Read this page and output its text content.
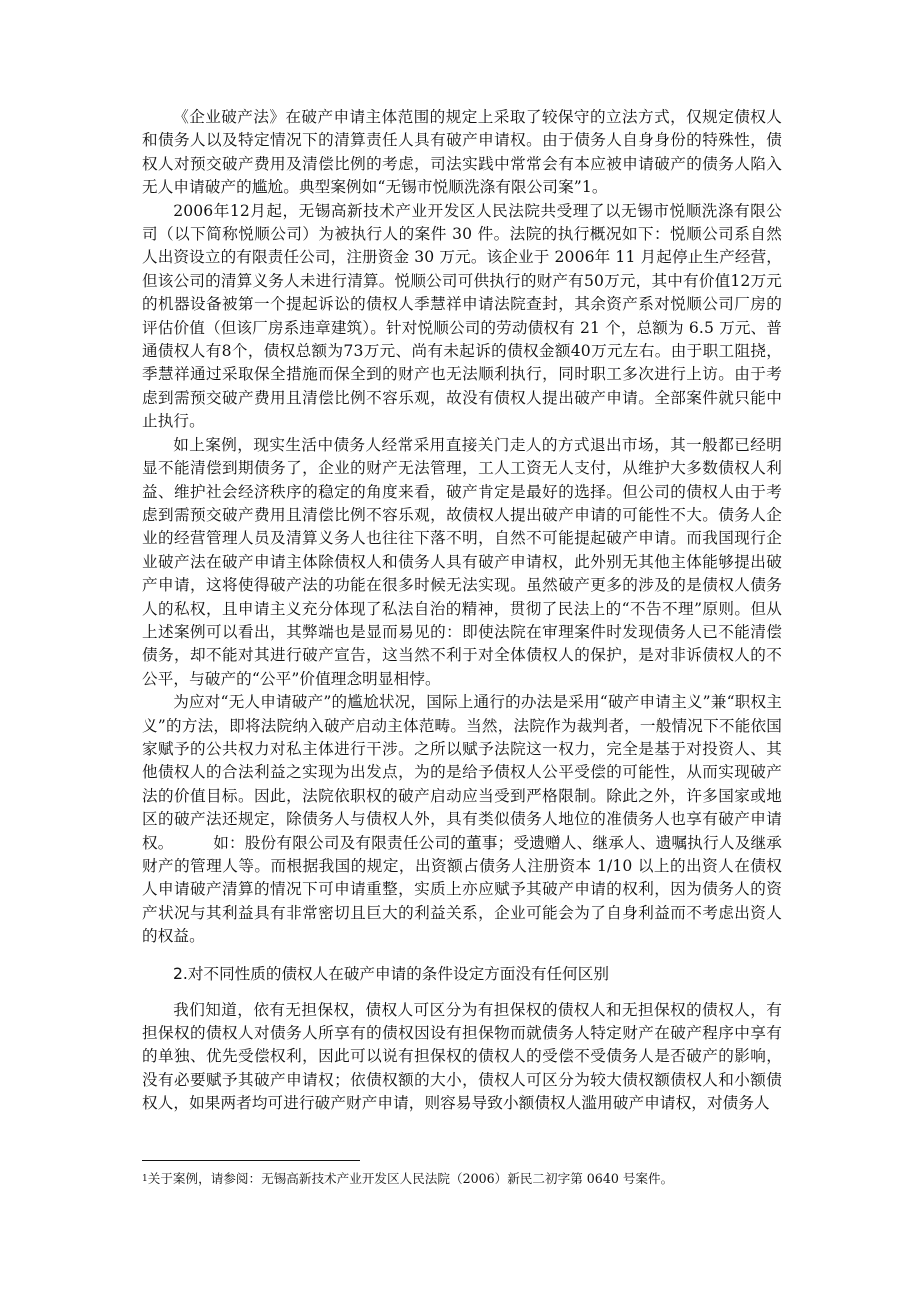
《企业破产法》在破产申请主体范围的规定上采取了较保守的立法方式，仅规定债权人和债务人以及特定情况下的清算责任人具有破产申请权。由于债务人自身身份的特殊性，债权人对预交破产费用及清偿比例的考虑，司法实践中常常会有本应被申请破产的债务人陷入无人申请破产的尴尬。典型案例如“无锡市悦顺洗涤有限公司案”1。

2006年12月起，无锡高新技术产业开发区人民法院共受理了以无锡市悦顺洗涤有限公司（以下简称悦顺公司）为被执行人的案件 30 件。法院的执行概况如下：悦顺公司系自然人出资设立的有限责任公司，注册资金 30 万元。该企业于 2006年 11 月起停止生产经营，但该公司的清算义务人未进行清算。悦顺公司可供执行的财产有50万元，其中有价值12万元的机器设备被第一个提起诉讼的债权人季慧祥申请法院查封，其余资产系对悦顺公司厂房的评估价值（但该厂房系违章建筑）。针对悦顺公司的劳动债权有 21 个，总额为 6.5 万元、普通债权人有8个，债权总额为73万元、尚有未起诉的债权金额40万元左右。由于职工阻挠，季慧祥通过采取保全措施而保全到的财产也无法顺利执行，同时职工多次进行上访。由于考虑到需预交破产费用且清偿比例不容乐观，故没有债权人提出破产申请。全部案件就只能中止执行。

如上案例，现实生活中债务人经常采用直接关门走人的方式退出市场，其一般都已经明显不能清偿到期债务了，企业的财产无法管理，工人工资无人支付，从维护大多数债权人利益、维护社会经济秩序的稳定的角度来看，破产肯定是最好的选择。但公司的债权人由于考虑到需预交破产费用且清偿比例不容乐观，故债权人提出破产申请的可能性不大。债务人企业的经营管理人员及清算义务人也往往下落不明，自然不可能提起破产申请。而我国现行企业破产法在破产申请主体除债权人和债务人具有破产申请权，此外别无其他主体能够提出破产申请，这将使得破产法的功能在很多时候无法实现。虽然破产更多的涉及的是债权人债务人的私权，且申请主义充分体现了私法自治的精神，贯彻了民法上的“不告不理”原则。但从上述案例可以看出，其弊端也是显而易见的：即使法院在审理案件时发现债务人已不能清偿债务，却不能对其进行破产宣告，这当然不利于对全体债权人的保护，是对非诉债权人的不公平，与破产的“公平”价值理念明显相悖。

为应对“无人申请破产”的尴尬状况，国际上通行的办法是采用“破产申请主义”兼“职权主义”的方法，即将法院纳入破产启动主体范畴。当然，法院作为裁判者，一般情况下不能依国家赋予的公共权力对私主体进行干涉。之所以赋予法院这一权力，完全是基于对投资人、其他债权人的合法利益之实现为出发点，为的是给予债权人公平受偿的可能性，从而实现破产法的价值目标。因此，法院依职权的破产启动应当受到严格限制。除此之外，许多国家或地区的破产法还规定，除债务人与债权人外，具有类似债务人地位的准债务人也享有破产申请权。　　　如：股份有限公司及有限责任公司的董事；受遗赠人、继承人、遗嘱执行人及继承财产的管理人等。而根据我国的规定，出资额占债务人注册资本 1/10 以上的出资人在债权人申请破产清算的情况下可申请重整，实质上亦应赋予其破产申请的权利，因为债务人的资产状况与其利益具有非常密切且巨大的利益关系，企业可能会为了自身利益而不考虑出资人的权益。

2.对不同性质的债权人在破产申请的条件设定方面没有任何区别

我们知道，依有无担保权，债权人可区分为有担保权的债权人和无担保权的债权人，有担保权的债权人对债务人所享有的债权因设有担保物而就债务人特定财产在破产程序中享有的单独、优先受偿权利，因此可以说有担保权的债权人的受偿不受债务人是否破产的影响，没有必要赋予其破产申请权；依债权额的大小，债权人可区分为较大债权额债权人和小额债权人，如果两者均可进行破产财产申请，则容易导致小额债权人滥用破产申请权，对债务人

$^1$关于案例，请参阅：无锡高新技术产业开发区人民法院（2006）新民二初字第 0640 号案件。
